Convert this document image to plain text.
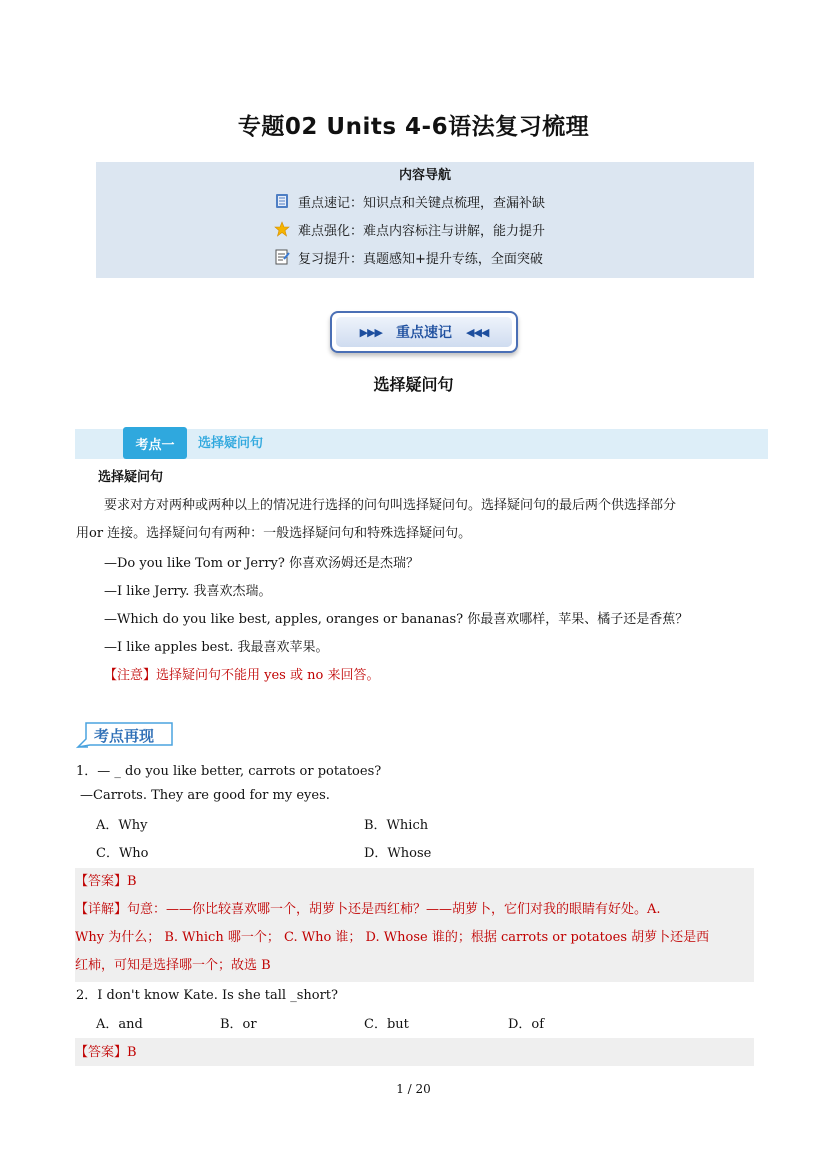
专题02 Units 4-6语法复习梳理
内容导航
重点速记：知识点和关键点梳理，查漏补缺
难点强化：难点内容标注与讲解，能力提升
复习提升：真题感知+提升专练，全面突破
▶▶▶ 重点速记 ◀◀◀
选择疑问句
考点一	选择疑问句
选择疑问句
要求对方对两种或两种以上的情况进行选择的问句叫选择疑问句。选择疑问句的最后两个供选择部分
用or 连接。选择疑问句有两种：一般选择疑问句和特殊选择疑问句。
—Do you like Tom or Jerry? 你喜欢汤姆还是杰瑞？
—I like Jerry. 我喜欢杰瑞。
—Which do you like best, apples, oranges or bananas? 你最喜欢哪样，苹果、橘子还是香蕉？
—I like apples best. 我最喜欢苹果。
【注意】选择疑问句不能用 yes 或 no 来回答。
考点再现
1．— _ do you like better, carrots or potatoes?
—Carrots. They are good for my eyes.
A．Why	B．Which
C．Who	D．Whose
【答案】B
【详解】句意：——你比较喜欢哪一个，胡萝卜还是西红柿？——胡萝卜，它们对我的眼睛有好处。A.
Why 为什么； B. Which 哪一个； C. Who 谁； D. Whose 谁的；根据 carrots or potatoes 胡萝卜还是西
红柿，可知是选择哪一个；故选 B
2．I don't know Kate. Is she tall _short?
A．and	B．or	C．but	D．of
【答案】B
1 / 20
